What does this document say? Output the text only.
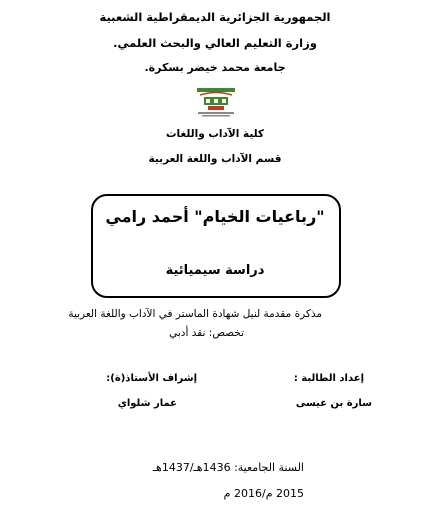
الجمهورية الجزائرية الديمقراطية الشعبية
وزارة التعليم العالي والبحث العلمي.
جامعة محمد خيضر بسكرة.
كلية الآداب واللغات
قسم الآداب واللغة العربية
"رباعيات الخيام" أحمد رامي
دراسة سيميائية
مذكرة مقدمة لنيل شهادة الماستر في الآداب واللغة العربية
تخصص: نقد أدبي
إعداد الطالبة :
إشراف الأستاذ(ة):
سارة بن عيسى
عمار شلواي
السنة الجامعية: 1436هـ/1437هـ
2015 م/2016 م
